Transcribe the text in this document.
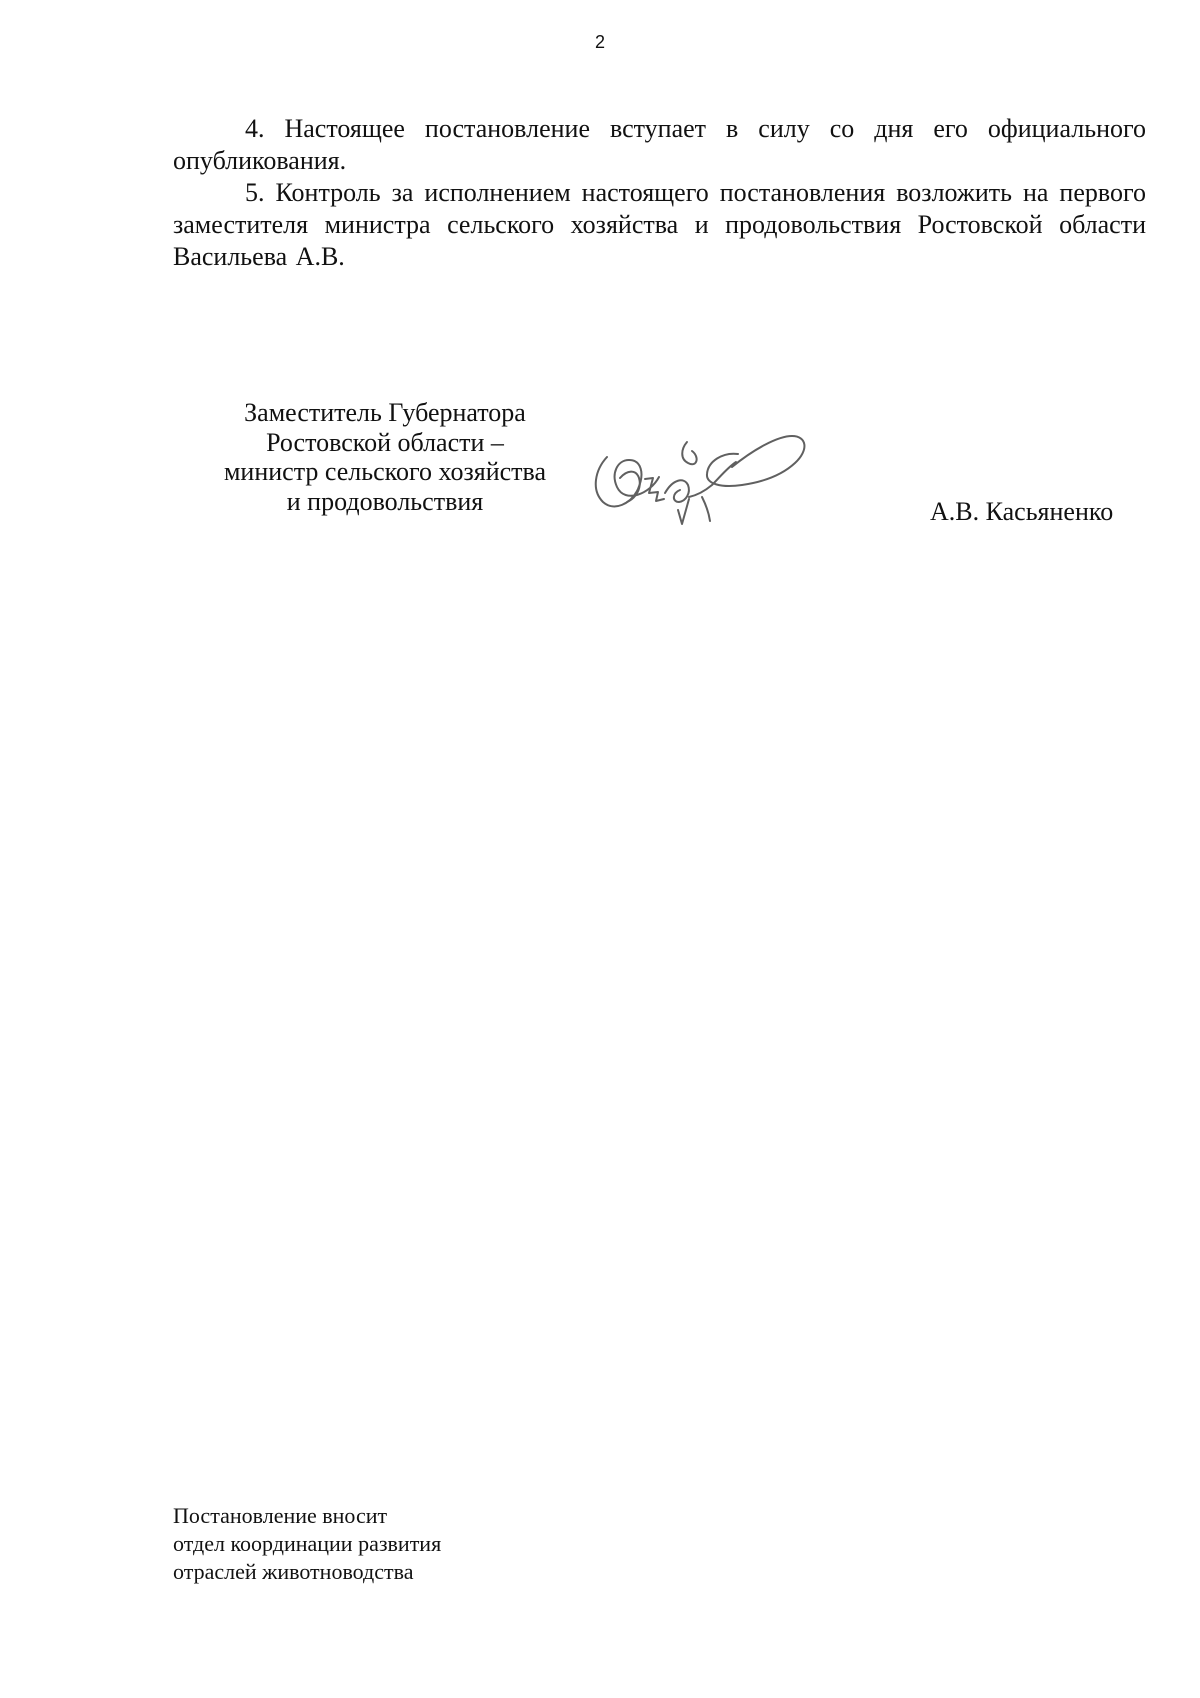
2

4. Настоящее постановление вступает в силу со дня его официального опубликования.

5. Контроль за исполнением настоящего постановления возложить на первого заместителя министра сельского хозяйства и продовольствия Ростовской области Васильева А.В.

Заместитель Губернатора
Ростовской области –
министр сельского хозяйства
и продовольствия	А.В. Касьяненко
Постановление вносит
отдел координации развития
отраслей животноводства
